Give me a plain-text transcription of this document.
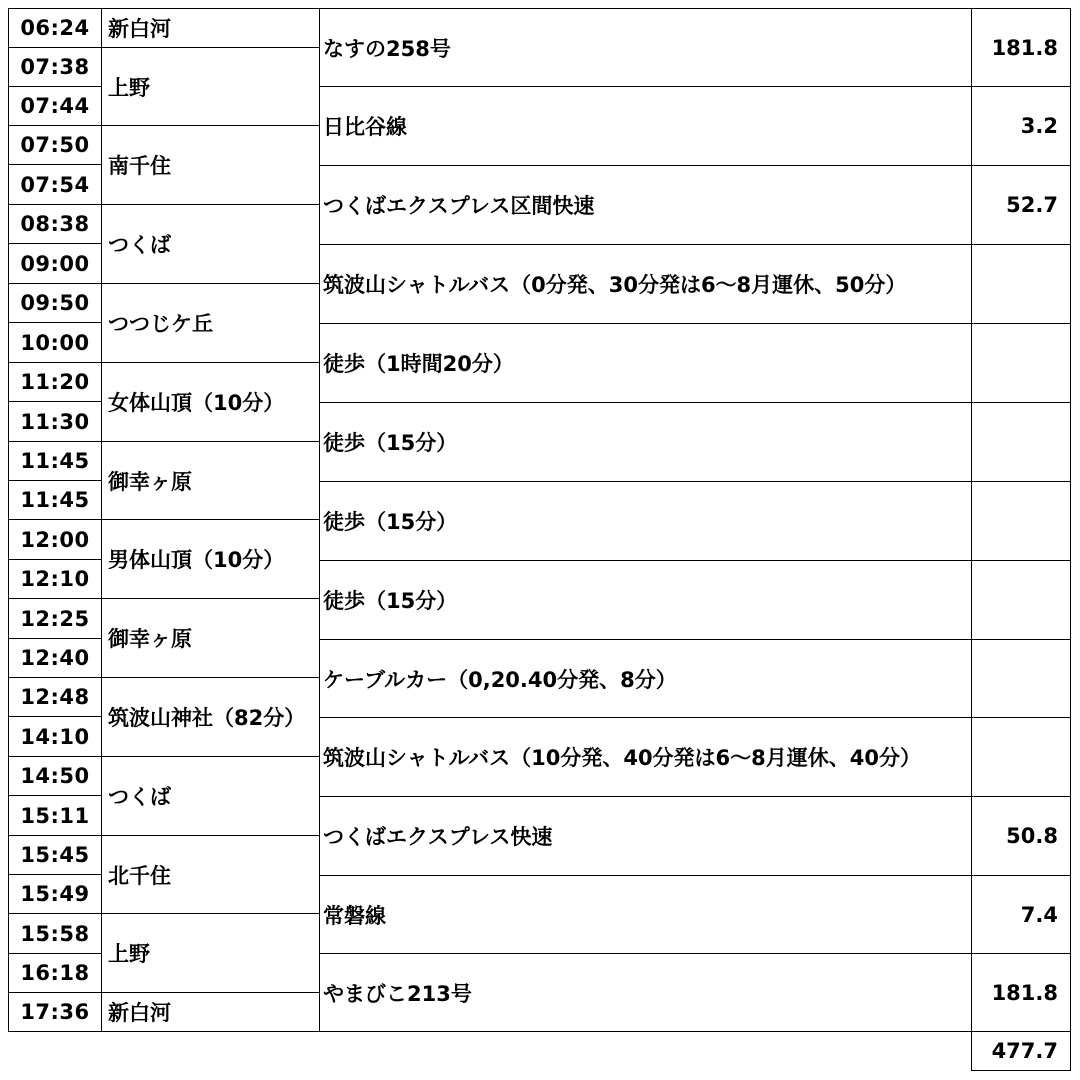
06:24
07:38
07:44
07:50
07:54
08:38
09:00
09:50
10:00
11:20
11:30
11:45
11:45
12:00
12:10
12:25
12:40
12:48
14:10
14:50
15:11
15:45
15:49
15:58
16:18
17:36
新白河
上野
南千住
つくば
つつじケ丘
女体山頂（10分）
御幸ヶ原
男体山頂（10分）
御幸ヶ原
筑波山神社（82分）
つくば
北千住
上野
新白河
なすの258号
日比谷線
つくばエクスプレス区間快速
筑波山シャトルバス（0分発、30分発は6～8月運休、50分）
徒歩（1時間20分）
徒歩（15分）
徒歩（15分）
徒歩（15分）
ケーブルカー（0,20.40分発、8分）
筑波山シャトルバス（10分発、40分発は6～8月運休、40分）
つくばエクスプレス快速
常磐線
やまびこ213号
181.8
3.2
52.7
50.8
7.4
181.8
477.7
